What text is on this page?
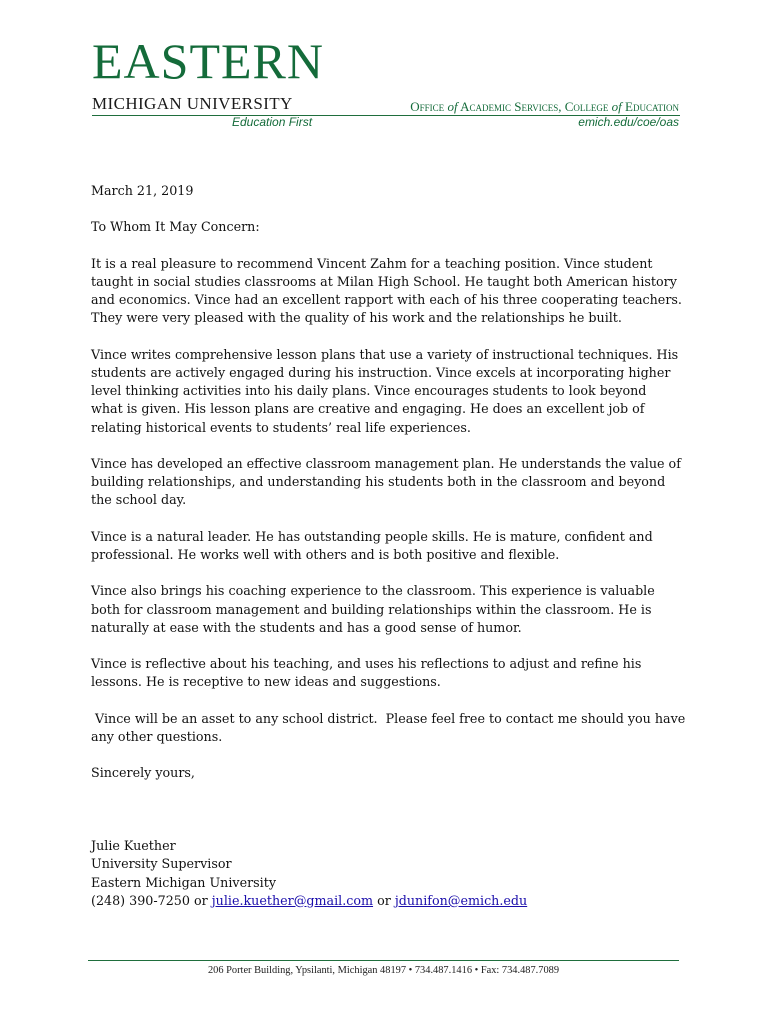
EASTERN
MICHIGAN UNIVERSITY
Education First
Office of Academic Services, College of Education
emich.edu/coe/oas

March 21, 2019

To Whom It May Concern:

It is a real pleasure to recommend Vincent Zahm for a teaching position. Vince student
taught in social studies classrooms at Milan High School. He taught both American history
and economics. Vince had an excellent rapport with each of his three cooperating teachers.
They were very pleased with the quality of his work and the relationships he built.

Vince writes comprehensive lesson plans that use a variety of instructional techniques. His
students are actively engaged during his instruction. Vince excels at incorporating higher
level thinking activities into his daily plans. Vince encourages students to look beyond
what is given. His lesson plans are creative and engaging. He does an excellent job of
relating historical events to students’ real life experiences.

Vince has developed an effective classroom management plan. He understands the value of
building relationships, and understanding his students both in the classroom and beyond
the school day.

Vince is a natural leader. He has outstanding people skills. He is mature, confident and
professional. He works well with others and is both positive and flexible.

Vince also brings his coaching experience to the classroom. This experience is valuable
both for classroom management and building relationships within the classroom. He is
naturally at ease with the students and has a good sense of humor.

Vince is reflective about his teaching, and uses his reflections to adjust and refine his
lessons. He is receptive to new ideas and suggestions.

Vince will be an asset to any school district.  Please feel free to contact me should you have
any other questions.

Sincerely yours,

Julie Kuether
University Supervisor
Eastern Michigan University
(248) 390-7250 or julie.kuether@gmail.com or jdunifon@emich.edu
206 Porter Building, Ypsilanti, Michigan 48197 • 734.487.1416 • Fax: 734.487.7089
